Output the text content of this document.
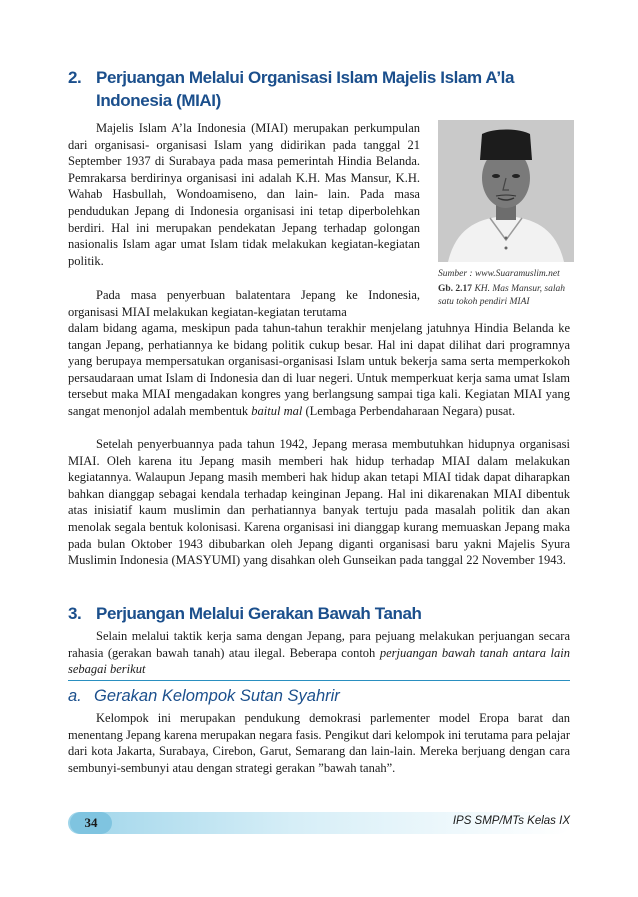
2. Perjuangan Melalui Organisasi Islam Majelis Islam A’la
Indonesia (MIAI)
Sumber : www.Suaramuslim.net
Gb. 2.17 KH. Mas Mansur, salah satu tokoh pendiri MIAI

Majelis Islam A’la Indonesia (MIAI) merupakan perkumpulan dari organisasi- organisasi Islam yang didirikan pada tanggal 21 September 1937 di Surabaya pada masa pemerintah Hindia Belanda. Pemrakarsa berdirinya organisasi ini adalah K.H. Mas Mansur, K.H. Wahab Hasbullah, Wondoamiseno, dan lain- lain. Pada masa pendudukan Jepang di Indonesia organisasi ini tetap diperbolehkan berdiri. Hal ini merupakan pendekatan Jepang terhadap golongan nasionalis Islam agar umat Islam tidak melakukan kegiatan-kegiatan politik.

Pada masa penyerbuan balatentara Jepang ke Indonesia, organisasi MIAI melakukan kegiatan-kegiatan terutama

dalam bidang agama, meskipun pada tahun-tahun terakhir menjelang jatuhnya Hindia Belanda ke tangan Jepang, perhatiannya ke bidang politik cukup besar. Hal ini dapat dilihat dari programnya yang berupaya mempersatukan organisasi-organisasi Islam untuk bekerja sama serta memperkokoh persaudaraan umat Islam di Indonesia dan di luar negeri. Untuk memperkuat kerja sama umat Islam tersebut maka MIAI mengadakan kongres yang berlangsung sampai tiga kali. Kegiatan MIAI yang sangat menonjol adalah membentuk baitul mal (Lembaga Perbendaharaan Negara) pusat.

Setelah penyerbuannya pada tahun 1942, Jepang merasa membutuhkan hidupnya organisasi MIAI. Oleh karena itu Jepang masih memberi hak hidup terhadap MIAI dalam melakukan kegiatannya. Walaupun Jepang masih memberi hak hidup akan tetapi MIAI tidak dapat diharapkan bahkan dianggap sebagai kendala terhadap keinginan Jepang. Hal ini dikarenakan MIAI dibentuk atas inisiatif kaum muslimin dan perhatiannya banyak tertuju pada masalah politik dan akan menolak segala bentuk kolonisasi. Karena organisasi ini dianggap kurang memuaskan Jepang maka pada bulan Oktober 1943 dibubarkan oleh Jepang diganti organisasi baru yakni Majelis Syura Muslimin Indonesia (MASYUMI) yang disahkan oleh Gunseikan pada tanggal 22 November 1943.

3. Perjuangan Melalui Gerakan Bawah Tanah

Selain melalui taktik kerja sama dengan Jepang, para pejuang melakukan perjuangan secara rahasia (gerakan bawah tanah) atau ilegal. Beberapa contoh perjuangan bawah tanah antara lain sebagai berikut

a. Gerakan Kelompok Sutan Syahrir

Kelompok ini merupakan pendukung demokrasi parlementer model Eropa barat dan menentang Jepang karena merupakan negara fasis. Pengikut dari kelompok ini terutama para pelajar dari kota Jakarta, Surabaya, Cirebon, Garut, Semarang dan lain-lain. Mereka berjuang dengan cara sembunyi-sembunyi atau dengan strategi gerakan ”bawah tanah”.

34	IPS SMP/MTs Kelas IX
